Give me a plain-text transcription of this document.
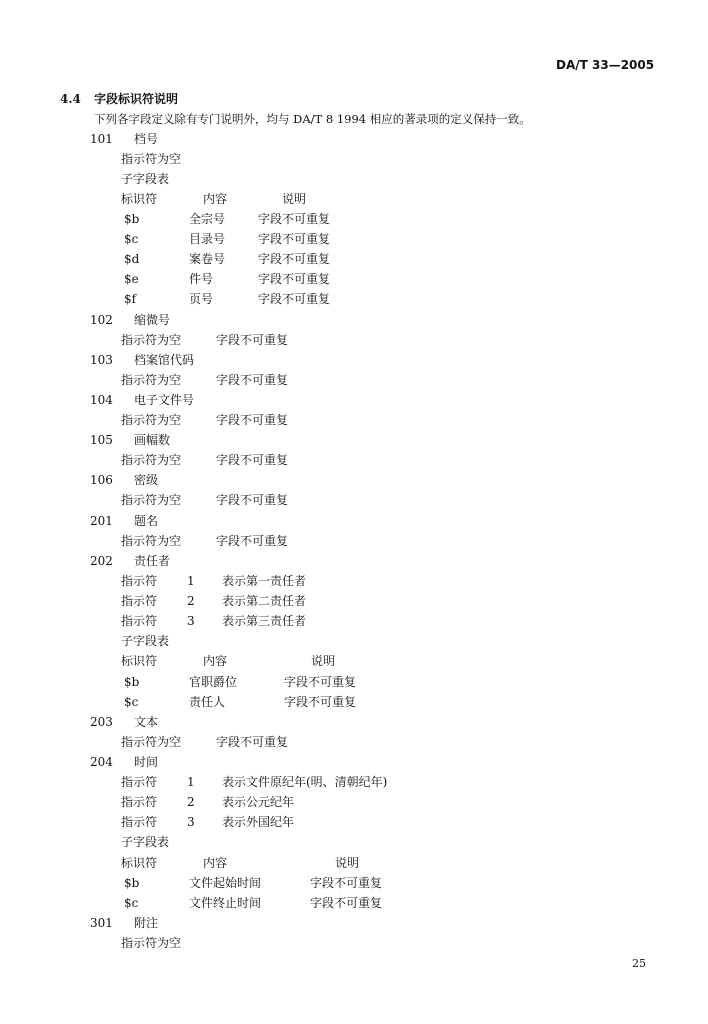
DA/T 33—2005
4.4 字段标识符说明
下列各字段定义除有专门说明外，均与 DA/T 8 1994 相应的著录项的定义保持一致。
101 档号
指示符为空
子字段表
标识符	内容	说明
$b	全宗号	字段不可重复
$c	目录号	字段不可重复
$d	案卷号	字段不可重复
$e	件号	字段不可重复
$f	页号	字段不可重复
102 缩微号
指示符为空	字段不可重复
103 档案馆代码
指示符为空	字段不可重复
104 电子文件号
指示符为空	字段不可重复
105 画幅数
指示符为空	字段不可重复
106 密级
指示符为空	字段不可重复
201 题名
指示符为空	字段不可重复
202 责任者
指示符 1 表示第一责任者
指示符 2 表示第二责任者
指示符 3 表示第三责任者
子字段表
标识符	内容	说明
$b	官职爵位	字段不可重复
$c	责任人	字段不可重复
203 文本
指示符为空	字段不可重复
204 时间
指示符 1 表示文件原纪年(明、清朝纪年)
指示符 2 表示公元纪年
指示符 3 表示外国纪年
子字段表
标识符	内容	说明
$b	文件起始时间	字段不可重复
$c	文件终止时间	字段不可重复
301 附注
指示符为空
25
